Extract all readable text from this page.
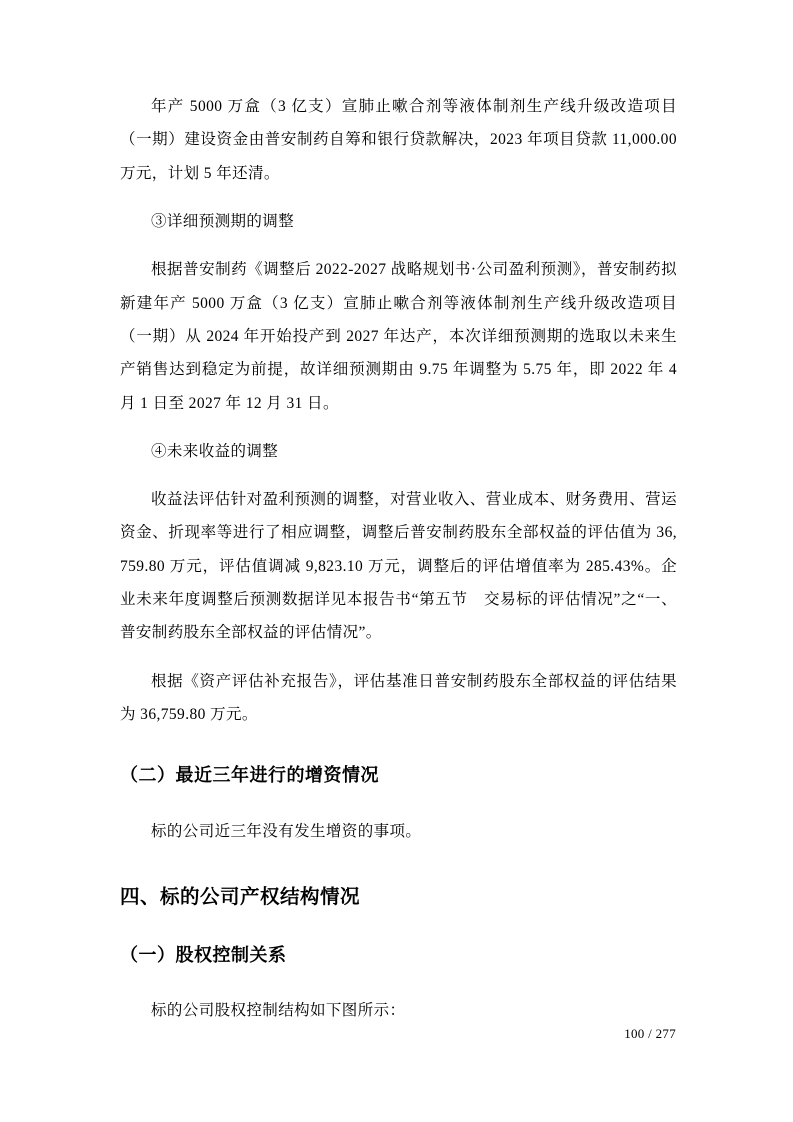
年产 5000 万盒（3 亿支）宣肺止嗽合剂等液体制剂生产线升级改造项目（一期）建设资金由普安制药自筹和银行贷款解决，2023 年项目贷款 11,000.00 万元，计划 5 年还清。

③详细预测期的调整

根据普安制药《调整后 2022-2027 战略规划书·公司盈利预测》，普安制药拟新建年产 5000 万盒（3 亿支）宣肺止嗽合剂等液体制剂生产线升级改造项目（一期）从 2024 年开始投产到 2027 年达产，本次详细预测期的选取以未来生产销售达到稳定为前提，故详细预测期由 9.75 年调整为 5.75 年，即 2022 年 4 月 1 日至 2027 年 12 月 31 日。

④未来收益的调整

收益法评估针对盈利预测的调整，对营业收入、营业成本、财务费用、营运资金、折现率等进行了相应调整，调整后普安制药股东全部权益的评估值为 36,759.80 万元，评估值调减 9,823.10 万元，调整后的评估增值率为 285.43%。企业未来年度调整后预测数据详见本报告书“第五节　交易标的评估情况”之“一、普安制药股东全部权益的评估情况”。

根据《资产评估补充报告》，评估基准日普安制药股东全部权益的评估结果为 36,759.80 万元。

（二）最近三年进行的增资情况

标的公司近三年没有发生增资的事项。

四、标的公司产权结构情况
（一）股权控制关系

标的公司股权控制结构如下图所示：

100 / 277
